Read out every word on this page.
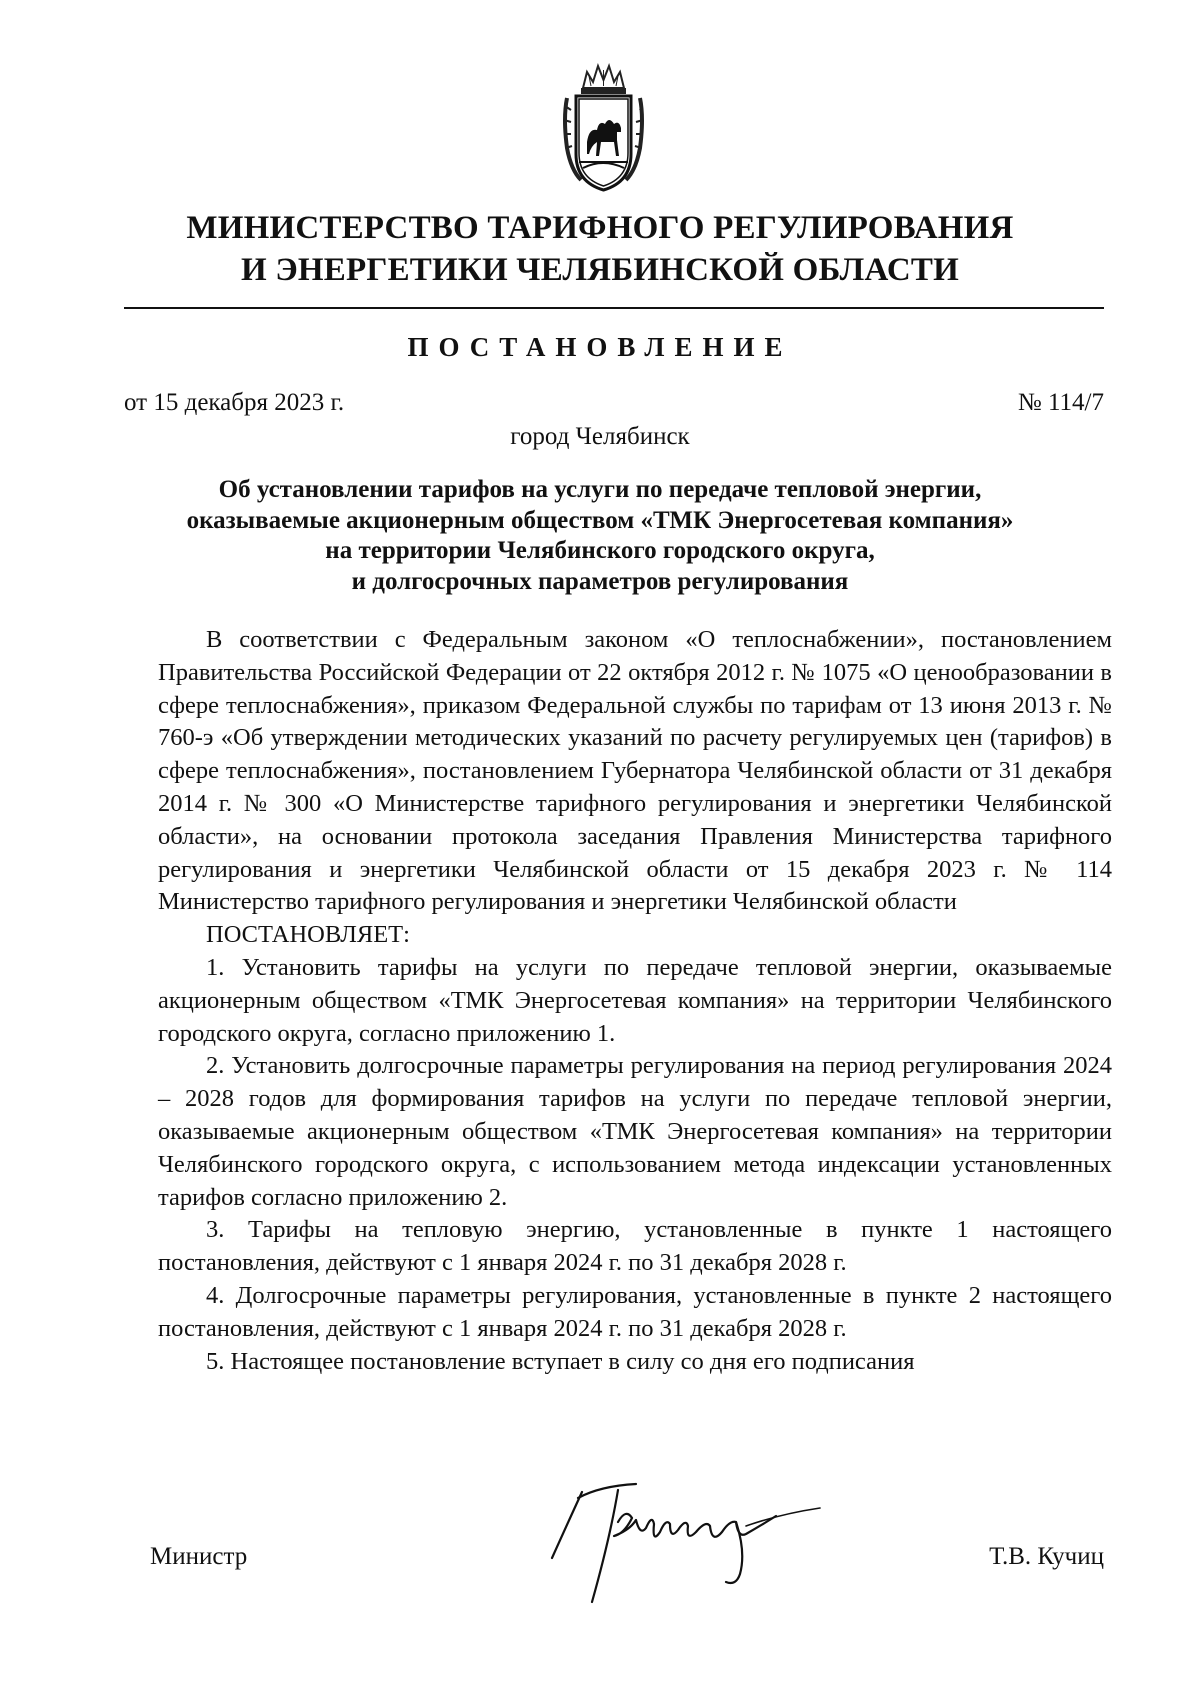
МИНИСТЕРСТВО ТАРИФНОГО РЕГУЛИРОВАНИЯ
И ЭНЕРГЕТИКИ ЧЕЛЯБИНСКОЙ ОБЛАСТИ
ПОСТАНОВЛЕНИЕ
от 15 декабря 2023 г.	№ 114/7
город Челябинск
Об установлении тарифов на услуги по передаче тепловой энергии,
оказываемые акционерным обществом «ТМК Энергосетевая компания»
на территории Челябинского городского округа,
и долгосрочных параметров регулирования

В соответствии с Федеральным законом «О теплоснабжении», постановлением Правительства Российской Федерации от 22 октября 2012 г. № 1075 «О ценообразовании в сфере теплоснабжения», приказом Федеральной службы по тарифам от 13 июня 2013 г. № 760-э «Об утверждении методических указаний по расчету регулируемых цен (тарифов) в сфере теплоснабжения», постановлением Губернатора Челябинской области от 31 декабря 2014 г. № 300 «О Министерстве тарифного регулирования и энергетики Челябинской области», на основании протокола заседания Правления Министерства тарифного регулирования и энергетики Челябинской области от 15 декабря 2023 г. № 114 Министерство тарифного регулирования и энергетики Челябинской области

ПОСТАНОВЛЯЕТ:

1. Установить тарифы на услуги по передаче тепловой энергии, оказываемые акционерным обществом «ТМК Энергосетевая компания» на территории Челябинского городского округа, согласно приложению 1.

2. Установить долгосрочные параметры регулирования на период регулирования 2024 – 2028 годов для формирования тарифов на услуги по передаче тепловой энергии, оказываемые акционерным обществом «ТМК Энергосетевая компания» на территории Челябинского городского округа, с использованием метода индексации установленных тарифов согласно приложению 2.

3. Тарифы на тепловую энергию, установленные в пункте 1 настоящего постановления, действуют с 1 января 2024 г. по 31 декабря 2028 г.

4. Долгосрочные параметры регулирования, установленные в пункте 2 настоящего постановления, действуют с 1 января 2024 г. по 31 декабря 2028 г.

5. Настоящее постановление вступает в силу со дня его подписания

Министр	Т.В. Кучиц
